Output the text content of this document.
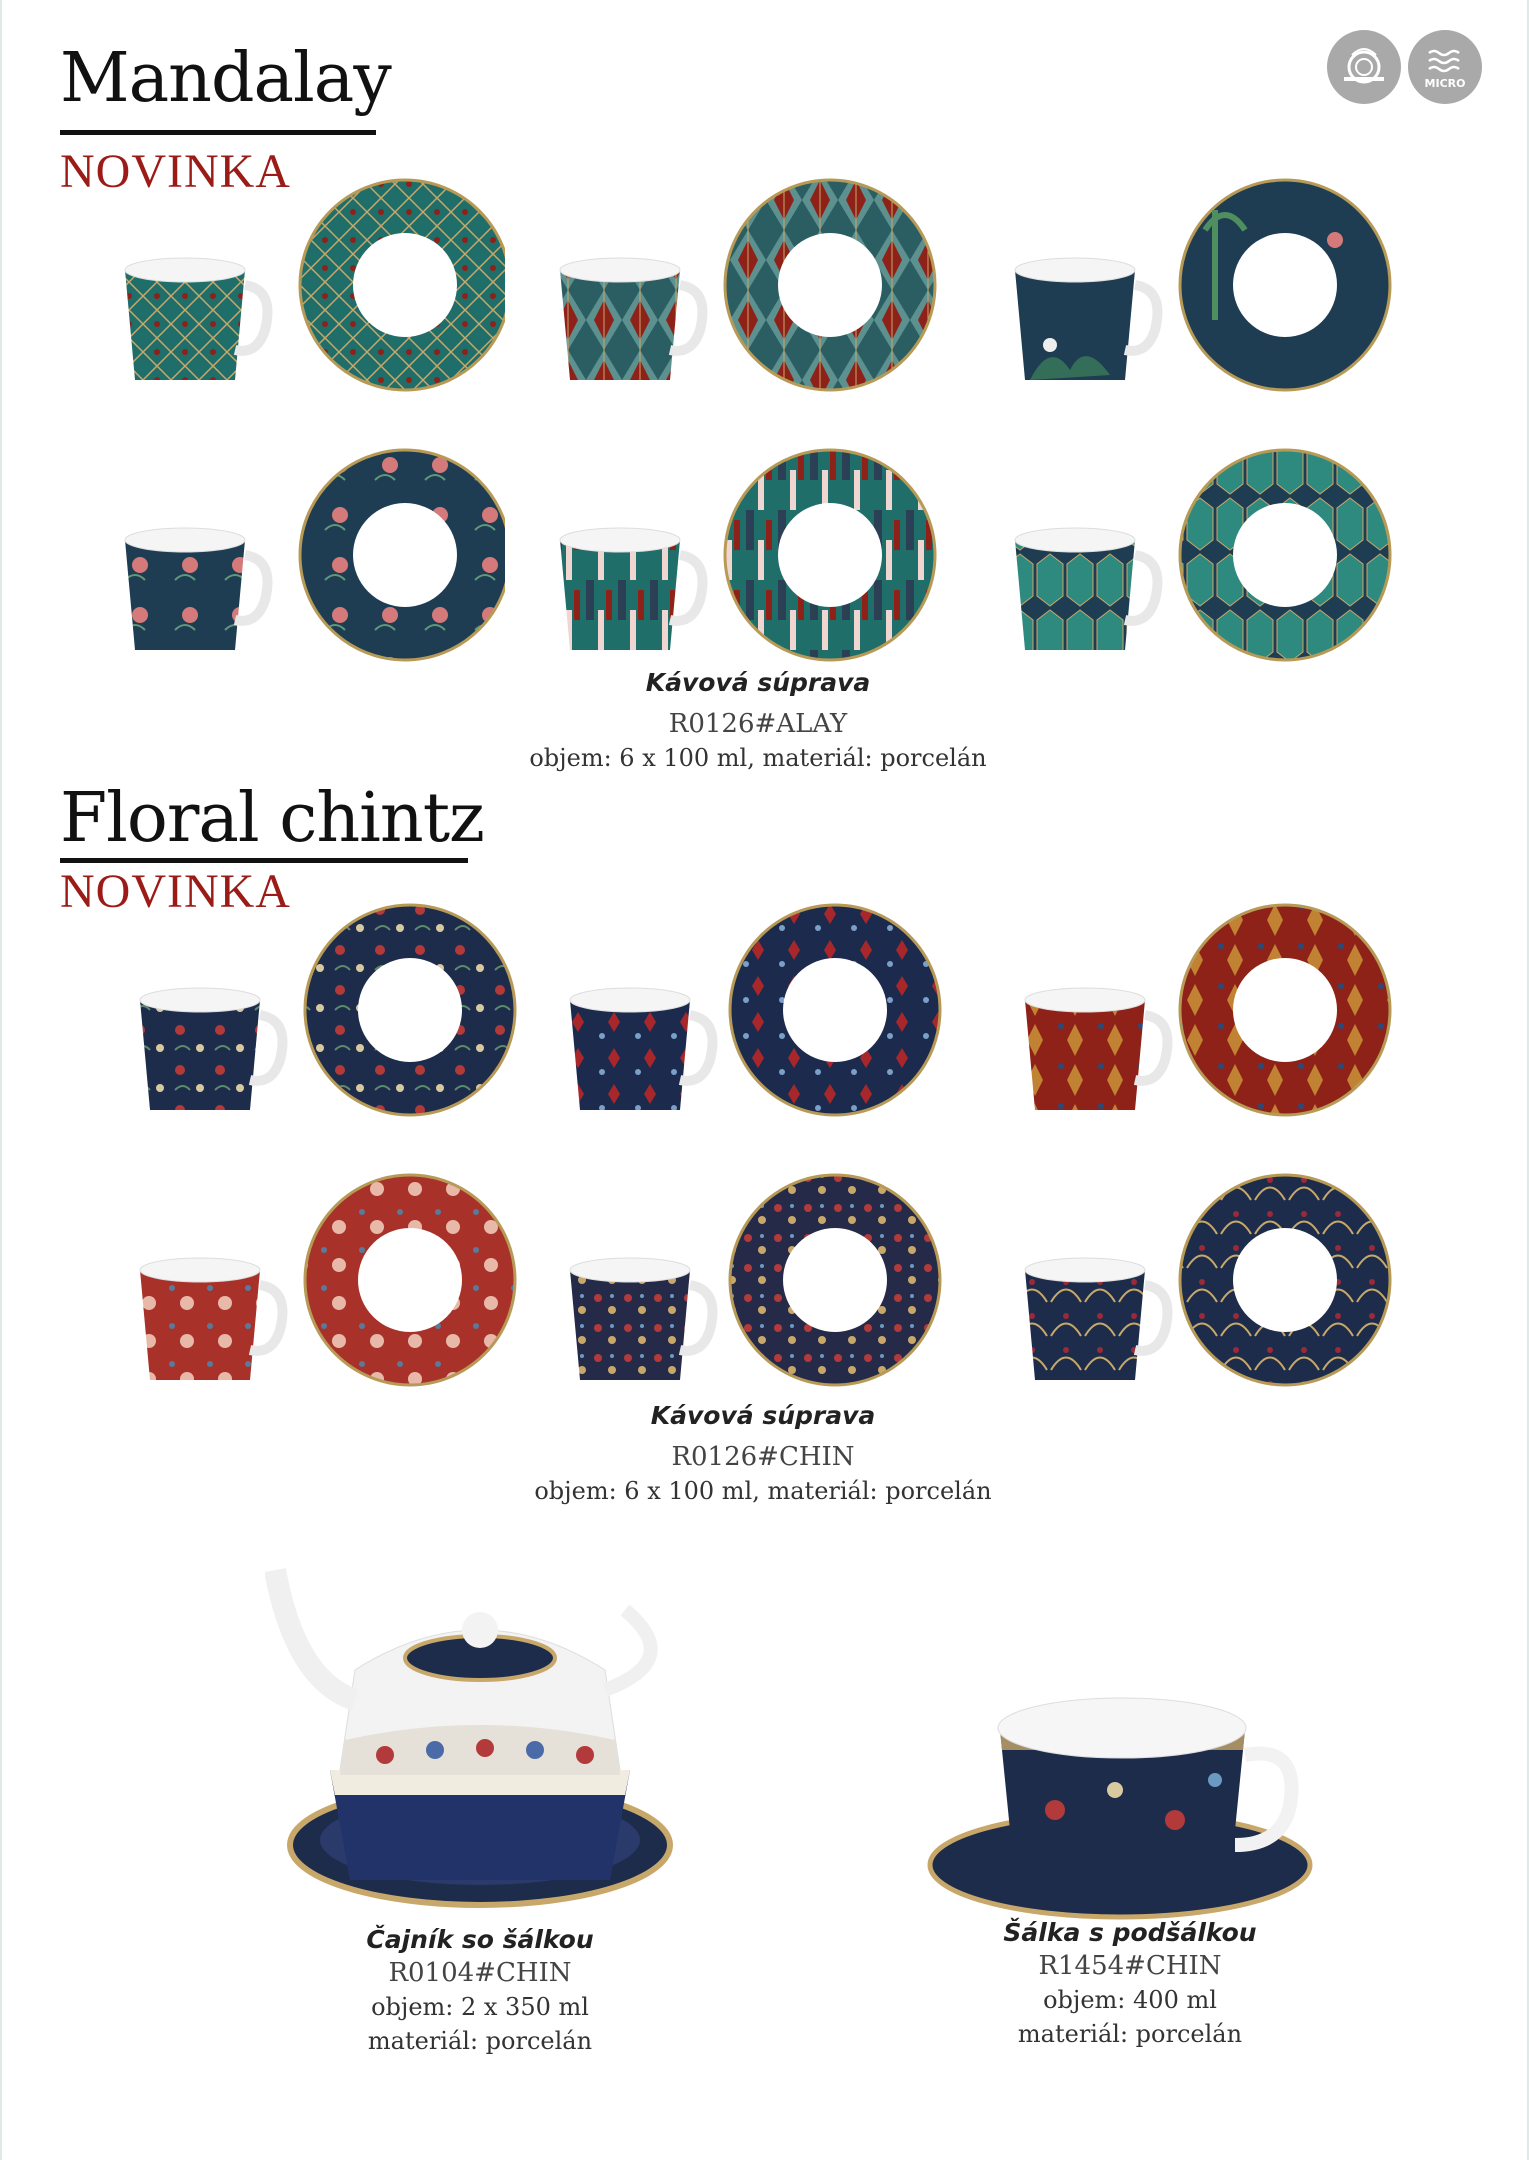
MICRO
Mandalay
NOVINKA
Kávová súprava
R0126#ALAY
objem: 6 x 100 ml, materiál: porcelán
Floral chintz
NOVINKA
Kávová súprava
R0126#CHIN
objem: 6 x 100 ml, materiál: porcelán
Čajník so šálkou
R0104#CHIN
objem: 2 x 350 ml
materiál: porcelán
Šálka s podšálkou
R1454#CHIN
objem: 400 ml
materiál: porcelán
